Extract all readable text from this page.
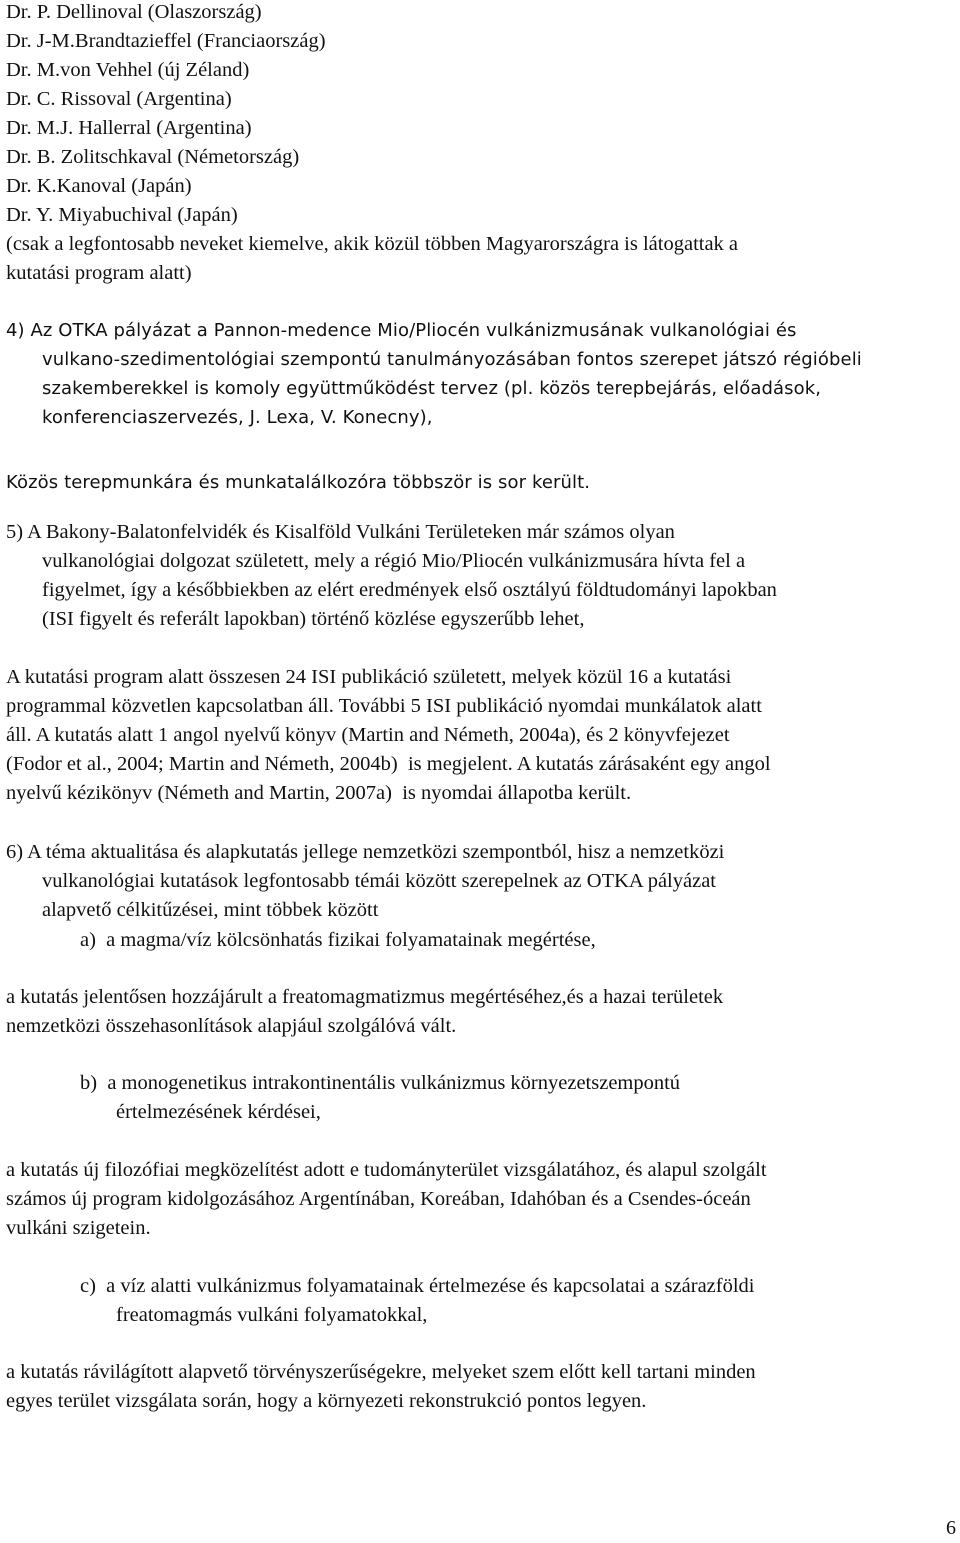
Dr. P. Dellinoval (Olaszország)
Dr. J-M.Brandtazieffel (Franciaország)
Dr. M.von Vehhel (új Zéland)
Dr. C. Rissoval (Argentina)
Dr. M.J. Hallerral (Argentina)
Dr. B. Zolitschkaval (Németország)
Dr. K.Kanoval (Japán)
Dr. Y. Miyabuchival (Japán)
(csak a legfontosabb neveket kiemelve, akik közül többen Magyarországra is látogattak a
kutatási program alatt)
4) Az OTKA pályázat a Pannon-medence Mio/Pliocén vulkánizmusának vulkanológiai és
vulkano-szedimentológiai szempontú tanulmányozásában fontos szerepet játszó régióbeli
szakemberekkel is komoly együttműködést tervez (pl. közös terepbejárás, előadások,
konferenciaszervezés, J. Lexa, V. Konecny),
Közös terepmunkára és munkatalálkozóra többször is sor került.
5) A Bakony-Balatonfelvidék és Kisalföld Vulkáni Területeken már számos olyan
vulkanológiai dolgozat született, mely a régió Mio/Pliocén vulkánizmusára hívta fel a
figyelmet, így a későbbiekben az elért eredmények első osztályú földtudományi lapokban
(ISI figyelt és referált lapokban) történő közlése egyszerűbb lehet,
A kutatási program alatt összesen 24 ISI publikáció született, melyek közül 16 a kutatási
programmal közvetlen kapcsolatban áll. További 5 ISI publikáció nyomdai munkálatok alatt
áll. A kutatás alatt 1 angol nyelvű könyv (Martin and Németh, 2004a), és 2 könyvfejezet
(Fodor et al., 2004; Martin and Németh, 2004b)  is megjelent. A kutatás zárásaként egy angol
nyelvű kézikönyv (Németh and Martin, 2007a)  is nyomdai állapotba került.
6) A téma aktualitása és alapkutatás jellege nemzetközi szempontból, hisz a nemzetközi
vulkanológiai kutatások legfontosabb témái között szerepelnek az OTKA pályázat
alapvető célkitűzései, mint többek között
a)  a magma/víz kölcsönhatás fizikai folyamatainak megértése,
a kutatás jelentősen hozzájárult a freatomagmatizmus megértéséhez,és a hazai területek
nemzetközi összehasonlítások alapjául szolgálóvá vált.
b)  a monogenetikus intrakontinentális vulkánizmus környezetszempontú
értelmezésének kérdései,
a kutatás új filozófiai megközelítést adott e tudományterület vizsgálatához, és alapul szolgált
számos új program kidolgozásához Argentínában, Koreában, Idahóban és a Csendes-óceán
vulkáni szigetein.
c)  a víz alatti vulkánizmus folyamatainak értelmezése és kapcsolatai a szárazföldi
freatomagmás vulkáni folyamatokkal,
a kutatás rávilágított alapvető törvényszerűségekre, melyeket szem előtt kell tartani minden
egyes terület vizsgálata során, hogy a környezeti rekonstrukció pontos legyen.
6
